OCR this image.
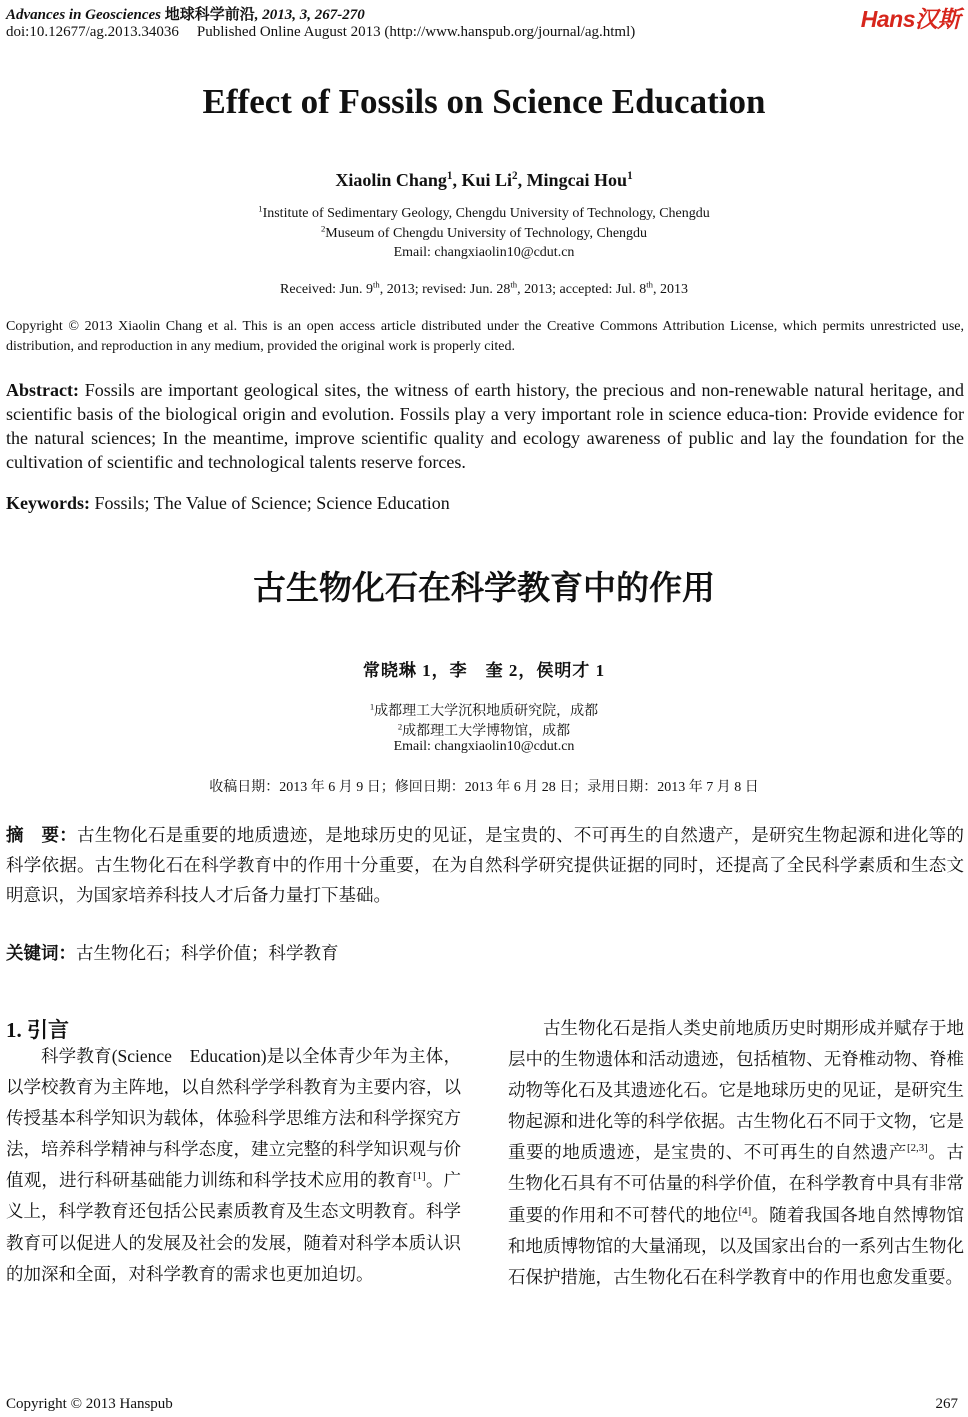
Advances in Geosciences 地球科学前沿, 2013, 3, 267-270
doi:10.12677/ag.2013.34036 Published Online August 2013 (http://www.hanspub.org/journal/ag.html)	Hans汉斯
Effect of Fossils on Science Education
Xiaolin Chang$^1$, Kui Li$^2$, Mingcai Hou$^1$
$^1$Institute of Sedimentary Geology, Chengdu University of Technology, Chengdu
$^2$Museum of Chengdu University of Technology, Chengdu
Email: changxiaolin10@cdut.cn
Received: Jun. 9th, 2013; revised: Jun. 28th, 2013; accepted: Jul. 8th, 2013
Copyright © 2013 Xiaolin Chang et al. This is an open access article distributed under the Creative Commons Attribution License, which permits unrestricted use, distribution, and reproduction in any medium, provided the original work is properly cited.
Abstract: Fossils are important geological sites, the witness of earth history, the precious and non-renewable natural heritage, and scientific basis of the biological origin and evolution. Fossils play a very important role in science educa-tion: Provide evidence for the natural sciences; In the meantime, improve scientific quality and ecology awareness of public and lay the foundation for the cultivation of scientific and technological talents reserve forces.
Keywords: Fossils; The Value of Science; Science Education
古生物化石在科学教育中的作用
常晓琳 1，李　奎 2，侯明才 1
$^1$成都理工大学沉积地质研究院，成都
$^2$成都理工大学博物馆，成都
Email: changxiaolin10@cdut.cn
收稿日期：2013 年 6 月 9 日；修回日期：2013 年 6 月 28 日；录用日期：2013 年 7 月 8 日
摘　要：古生物化石是重要的地质遗迹，是地球历史的见证，是宝贵的、不可再生的自然遗产，是研究生物起源和进化等的科学依据。古生物化石在科学教育中的作用十分重要，在为自然科学研究提供证据的同时，还提高了全民科学素质和生态文明意识，为国家培养科技人才后备力量打下基础。
关键词：古生物化石；科学价值；科学教育
1. 引言
科学教育(Science　Education)是以全体青少年为主体，以学校教育为主阵地，以自然科学学科教育为主要内容，以传授基本科学知识为载体，体验科学思维方法和科学探究方法，培养科学精神与科学态度，建立完整的科学知识观与价值观，进行科研基础能力训练和科学技术应用的教育[1]。广义上，科学教育还包括公民素质教育及生态文明教育。科学教育可以促进人的发展及社会的发展，随着对科学本质认识的加深和全面，对科学教育的需求也更加迫切。
古生物化石是指人类史前地质历史时期形成并赋存于地层中的生物遗体和活动遗迹，包括植物、无脊椎动物、脊椎动物等化石及其遗迹化石。它是地球历史的见证，是研究生物起源和进化等的科学依据。古生物化石不同于文物，它是重要的地质遗迹，是宝贵的、不可再生的自然遗产[2,3]。古生物化石具有不可估量的科学价值，在科学教育中具有非常重要的作用和不可替代的地位[4]。随着我国各地自然博物馆和地质博物馆的大量涌现，以及国家出台的一系列古生物化石保护措施，古生物化石在科学教育中的作用也愈发重要。
Copyright © 2013 Hanspub	267
